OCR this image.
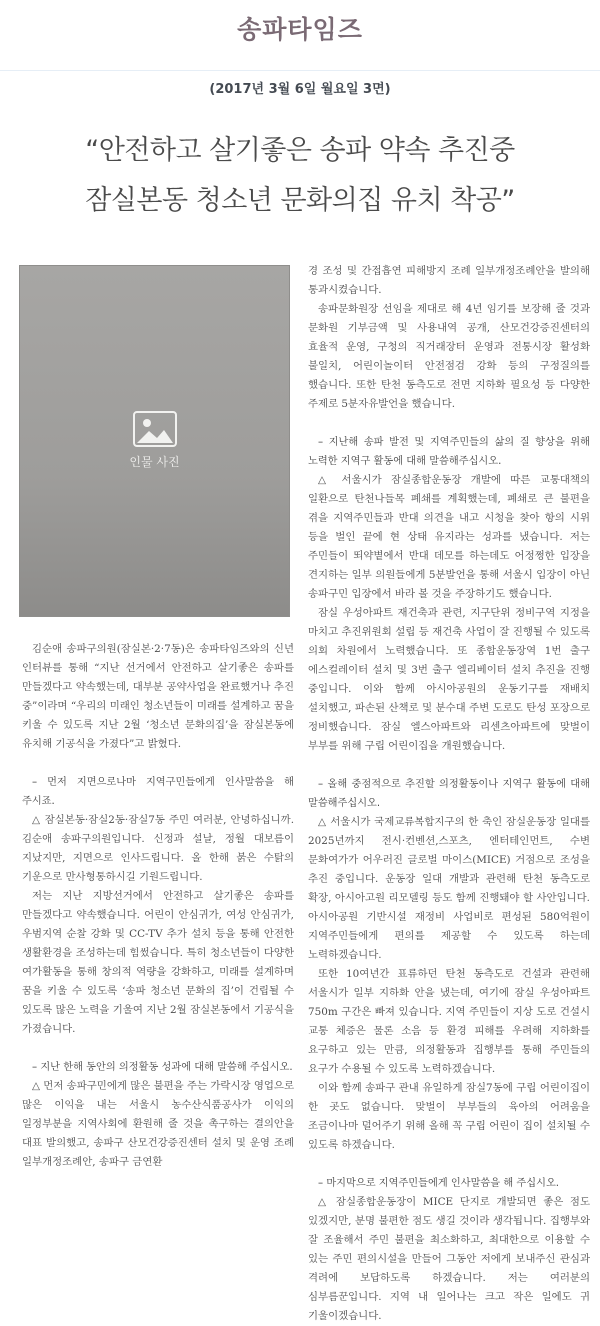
송파타임즈
(2017년 3월 6일 월요일 3면)
“안전하고 살기좋은 송파 약속 추진중
잠실본동 청소년 문화의집 유치 착공”
인물 사진

김순애 송파구의원(잠실본·2·7동)은 송파타임즈와의 신년 인터뷰를 통해 “지난 선거에서 안전하고 살기좋은 송파를 만들겠다고 약속했는데, 대부분 공약사업을 완료했거나 추진 중”이라며 “우리의 미래인 청소년들이 미래를 설계하고 꿈을 키울 수 있도록 지난 2월 ‘청소년 문화의집’을 잠실본동에 유치해 기공식을 가졌다”고 밝혔다.

– 먼저 지면으로나마 지역구민들에게 인사말씀을 해 주시죠.

△ 잠실본동·잠실2동·잠실7동 주민 여러분, 안녕하십니까. 김순애 송파구의원입니다. 신정과 설날, 정월 대보름이 지났지만, 지면으로 인사드립니다. 올 한해 붉은 수탉의 기운으로 만사형통하시길 기원드립니다.

저는 지난 지방선거에서 안전하고 살기좋은 송파를 만들겠다고 약속했습니다. 어린이 안심귀가, 여성 안심귀가, 우범지역 순찰 강화 및 CC-TV 추가 설치 등을 통해 안전한 생활환경을 조성하는데 힘썼습니다. 특히 청소년들이 다양한 여가활동을 통해 창의적 역량을 강화하고, 미래를 설계하며 꿈을 키울 수 있도록 ‘송파 청소년 문화의 집’이 건립될 수 있도록 많은 노력을 기울여 지난 2월 잠실본동에서 기공식을 가졌습니다.

– 지난 한해 동안의 의정활동 성과에 대해 말씀해 주십시오.

△ 먼저 송파구민에게 많은 불편을 주는 가락시장 영업으로 많은 이익을 내는 서울시 농수산식품공사가 이익의 일정부분을 지역사회에 환원해 줄 것을 촉구하는 결의안을 대표 발의했고, 송파구 산모건강증진센터 설치 및 운영 조례 일부개정조례안, 송파구 금연환

경 조성 및 간접흡연 피해방지 조례 일부개정조례안을 발의해 통과시켰습니다.

송파문화원장 선임을 제대로 해 4년 임기를 보장해 줄 것과 문화원 기부금액 및 사용내역 공개, 산모건강증진센터의 효율적 운영, 구청의 직거래장터 운영과 전통시장 활성화 불일치, 어린이놀이터 안전점검 강화 등의 구정질의를 했습니다. 또한 탄천 동측도로 전면 지하화 필요성 등 다양한 주제로 5분자유발언을 했습니다.

– 지난해 송파 발전 및 지역주민들의 삶의 질 향상을 위해 노력한 지역구 활동에 대해 말씀해주십시오.

△ 서울시가 잠실종합운동장 개발에 따른 교통대책의 일환으로 탄천나들목 폐쇄를 계획했는데, 폐쇄로 큰 불편을 겪을 지역주민들과 반대 의견을 내고 시청을 찾아 항의 시위 등을 벌인 끝에 현 상태 유지라는 성과를 냈습니다. 저는 주민들이 뙤약볕에서 반대 데모를 하는데도 어정쩡한 입장을 견지하는 일부 의원들에게 5분발언을 통해 서울시 입장이 아닌 송파구민 입장에서 바라 볼 것을 주장하기도 했습니다.

잠실 우성아파트 재건축과 관련, 지구단위 정비구역 지정을 마치고 추진위원회 설립 등 재건축 사업이 잘 진행될 수 있도록 의회 차원에서 노력했습니다. 또 종합운동장역 1번 출구 에스컬레이터 설치 및 3번 출구 엘리베이터 설치 추진을 진행 중입니다. 이와 함께 아시아공원의 운동기구를 재배치 설치했고, 파손된 산책로 및 분수대 주변 도로도 탄성 포장으로 정비했습니다. 잠실 엘스아파트와 리센츠아파트에 맞벌이 부부를 위해 구립 어린이집을 개원했습니다.

– 올해 중점적으로 추진할 의정활동이나 지역구 활동에 대해 말씀해주십시오.

△ 서울시가 국제교류복합지구의 한 축인 잠실운동장 일대를 2025년까지 전시·컨벤션,스포츠, 엔터테인먼트, 수변 문화여가가 어우러진 글로벌 마이스(MICE) 거점으로 조성을 추진 중입니다. 운동장 일대 개발과 관련해 탄천 동측도로 확장, 아시아고원 리모델링 등도 함께 진행돼야 할 사안입니다. 아시아공원 기반시설 재정비 사업비로 편성된 580억원이 지역주민들에게 편의를 제공할 수 있도록 하는데 노력하겠습니다.

또한 10여년간 표류하던 탄천 동측도로 건설과 관련해 서울시가 일부 지하화 안을 냈는데, 여기에 잠실 우성아파트 750m 구간은 빠져 있습니다. 지역 주민들이 지상 도로 건설시 교통 체증은 물론 소음 등 환경 피해를 우려해 지하화를 요구하고 있는 만큼, 의정활동과 집행부를 통해 주민들의 요구가 수용될 수 있도록 노력하겠습니다.

이와 함께 송파구 관내 유일하게 잠실7동에 구립 어린이집이 한 곳도 없습니다. 맞벌이 부부들의 육아의 어려움을 조금이나마 덜어주기 위해 올해 꼭 구립 어린이 집이 설치될 수 있도록 하겠습니다.

– 마지막으로 지역주민들에게 인사말씀을 해 주십시오.

△ 잠실종합운동장이 MICE 단지로 개발되면 좋은 점도 있겠지만, 분명 불편한 점도 생길 것이라 생각됩니다. 집행부와 잘 조율해서 주민 불편을 최소화하고, 최대한으로 이용할 수 있는 주민 편의시설을 만들어 그동안 저에게 보내주신 관심과 격려에 보답하도록 하겠습니다. 저는 여러분의 심부름꾼입니다. 지역 내 일어나는 크고 작은 일에도 귀 기울이겠습니다.
